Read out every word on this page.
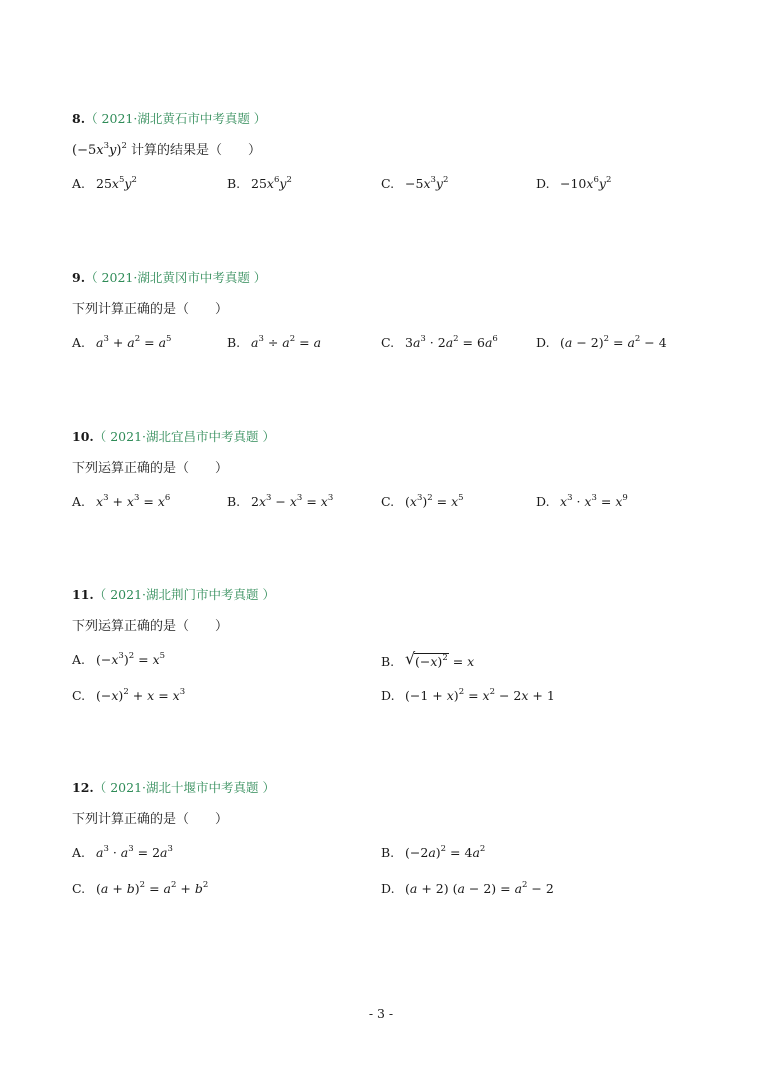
8.（ 2021·湖北黄石市中考真题 ）
$(-5x^3y)^2$ 计算的结果是（　　）
A. $25x^5y^2$	B. $25x^6y^2$	C. $-5x^3y^2$	D. $-10x^6y^2$
9.（ 2021·湖北黄冈市中考真题 ）
下列计算正确的是（　　）
A. $a^3 + a^2 = a^5$	B. $a^3 \div a^2 = a$	C. $3a^3 \cdot 2a^2 = 6a^6$	D. $(a - 2)^2 = a^2 - 4$
10.（ 2021·湖北宜昌市中考真题 ）
下列运算正确的是（　　）
A. $x^3 + x^3 = x^6$	B. $2x^3 - x^3 = x^3$	C. $(x^3)^2 = x^5$	D. $x^3 \cdot x^3 = x^9$
11.（ 2021·湖北荆门市中考真题 ）
下列运算正确的是（　　）
A. $(-x^3)^2 = x^5$	B. √ $(-x)^2 = x$
C. $(-x)^2 + x = x^3$	D. $(-1 + x)^2 = x^2 - 2x + 1$
12.（ 2021·湖北十堰市中考真题 ）
下列计算正确的是（　　）
A. $a^3 \cdot a^3 = 2a^3$	B. $(-2a)^2 = 4a^2$
C. $(a + b)^2 = a^2 + b^2$	D. (a + 2) $(a - 2) = a^2 - 2$
- 3 -
